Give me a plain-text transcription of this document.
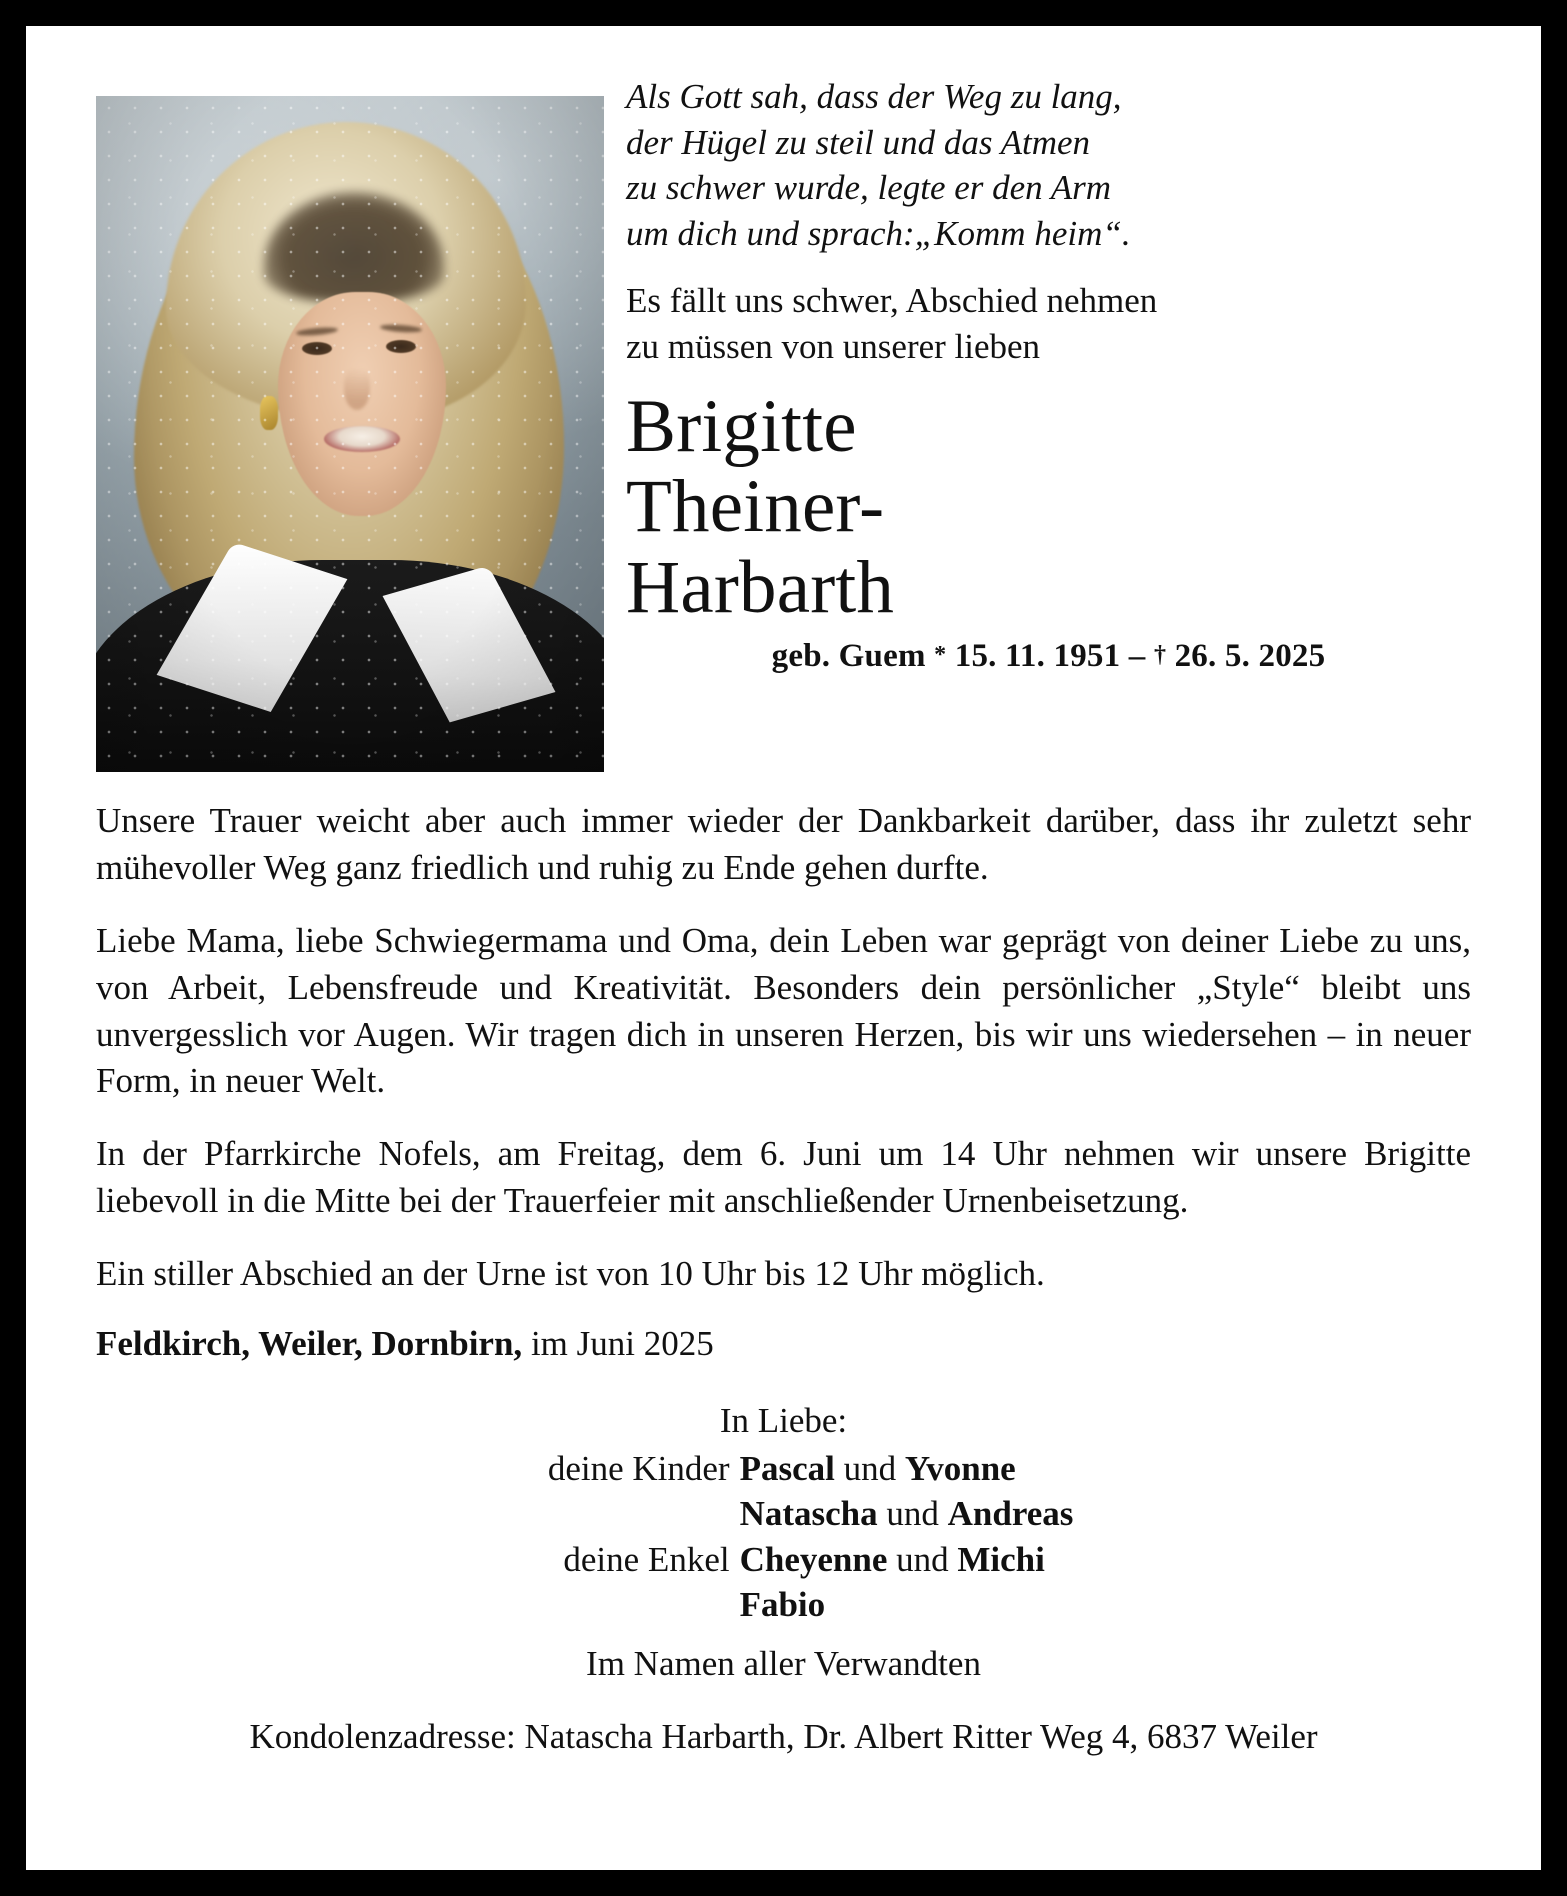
Als Gott sah, dass der Weg zu lang,
der Hügel zu steil und das Atmen
zu schwer wurde, legte er den Arm
um dich und sprach:„Komm heim“.
Es fällt uns schwer, Abschied nehmen
zu müssen von unserer lieben
Brigitte
Theiner-
Harbarth
geb. Guem * 15. 11. 1951 – † 26. 5. 2025

Unsere Trauer weicht aber auch immer wieder der Dankbarkeit darüber, dass ihr zuletzt sehr mühevoller Weg ganz friedlich und ruhig zu Ende gehen durfte.

Liebe Mama, liebe Schwiegermama und Oma, dein Leben war geprägt von deiner Liebe zu uns, von Arbeit, Lebensfreude und Kreativität. Besonders dein persönlicher „Style“ bleibt uns unvergesslich vor Augen. Wir tragen dich in unseren Herzen, bis wir uns wiedersehen – in neuer Form, in neuer Welt.

In der Pfarrkirche Nofels, am Freitag, dem 6. Juni um 14 Uhr nehmen wir unsere Brigitte liebevoll in die Mitte bei der Trauerfeier mit anschließender Urnenbeisetzung.

Ein stiller Abschied an der Urne ist von 10 Uhr bis 12 Uhr möglich.

Feldkirch, Weiler, Dornbirn, im Juni 2025
In Liebe:
deine Kinder Pascal und Yvonne
Natascha und Andreas
deine Enkel Cheyenne und Michi
Fabio
Im Namen aller Verwandten
Kondolenzadresse: Natascha Harbarth, Dr. Albert Ritter Weg 4, 6837 Weiler
